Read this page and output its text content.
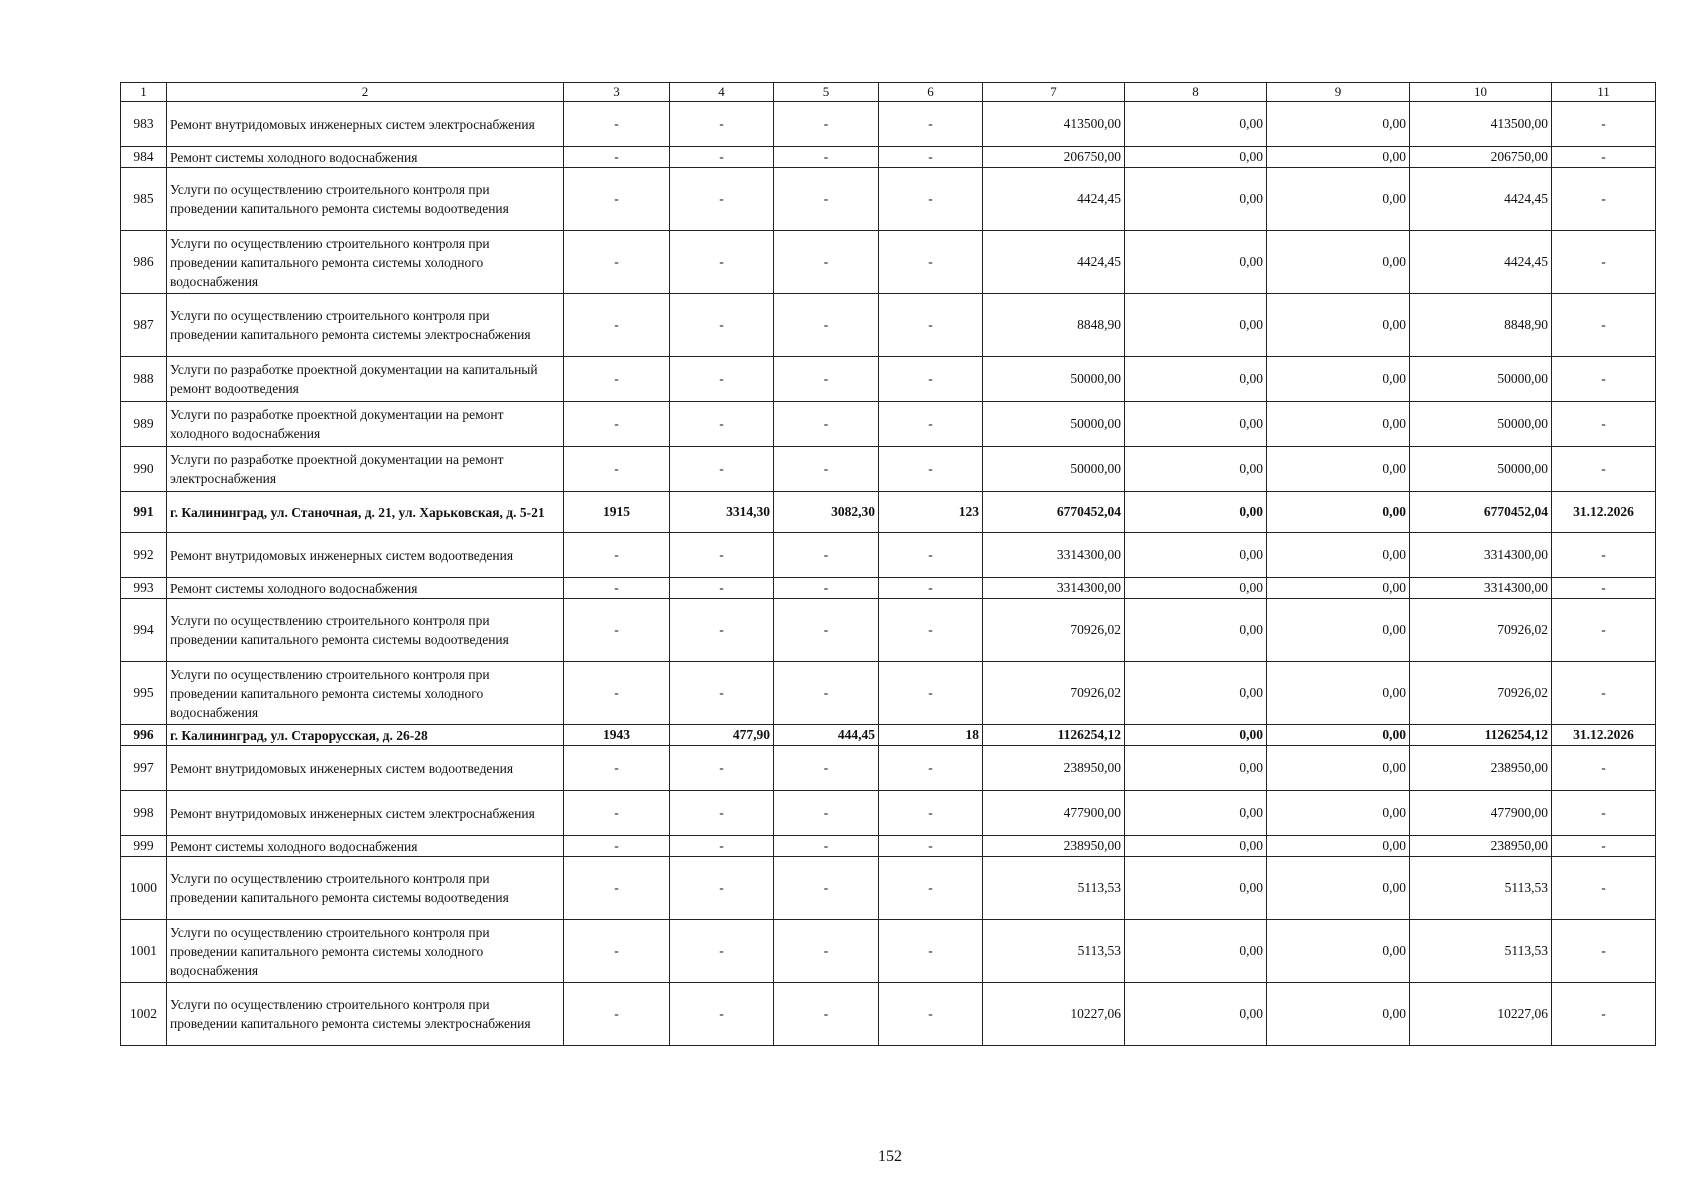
1	2	3	4	5	6	7	8	9	10	11
983	Ремонт внутридомовых инженерных систем электроснабжения	-	-	-	-	413500,00	0,00	0,00	413500,00	-
984	Ремонт системы холодного водоснабжения	-	-	-	-	206750,00	0,00	0,00	206750,00	-
985	Услуги по осуществлению строительного контроля при проведении капитального ремонта системы водоотведения	-	-	-	-	4424,45	0,00	0,00	4424,45	-
986	Услуги по осуществлению строительного контроля при проведении капитального ремонта системы холодного водоснабжения	-	-	-	-	4424,45	0,00	0,00	4424,45	-
987	Услуги по осуществлению строительного контроля при проведении капитального ремонта системы электроснабжения	-	-	-	-	8848,90	0,00	0,00	8848,90	-
988	Услуги по разработке проектной документации на капитальный ремонт водоотведения	-	-	-	-	50000,00	0,00	0,00	50000,00	-
989	Услуги по разработке проектной документации на ремонт холодного водоснабжения	-	-	-	-	50000,00	0,00	0,00	50000,00	-
990	Услуги по разработке проектной документации на ремонт электроснабжения	-	-	-	-	50000,00	0,00	0,00	50000,00	-
991	г. Калининград, ул. Станочная, д. 21, ул. Харьковская, д. 5-21	1915	3314,30	3082,30	123	6770452,04	0,00	0,00	6770452,04	31.12.2026
992	Ремонт внутридомовых инженерных систем водоотведения	-	-	-	-	3314300,00	0,00	0,00	3314300,00	-
993	Ремонт системы холодного водоснабжения	-	-	-	-	3314300,00	0,00	0,00	3314300,00	-
994	Услуги по осуществлению строительного контроля при проведении капитального ремонта системы водоотведения	-	-	-	-	70926,02	0,00	0,00	70926,02	-
995	Услуги по осуществлению строительного контроля при проведении капитального ремонта системы холодного водоснабжения	-	-	-	-	70926,02	0,00	0,00	70926,02	-
996	г. Калининград, ул. Старорусская, д. 26-28	1943	477,90	444,45	18	1126254,12	0,00	0,00	1126254,12	31.12.2026
997	Ремонт внутридомовых инженерных систем водоотведения	-	-	-	-	238950,00	0,00	0,00	238950,00	-
998	Ремонт внутридомовых инженерных систем электроснабжения	-	-	-	-	477900,00	0,00	0,00	477900,00	-
999	Ремонт системы холодного водоснабжения	-	-	-	-	238950,00	0,00	0,00	238950,00	-
1000	Услуги по осуществлению строительного контроля при проведении капитального ремонта системы водоотведения	-	-	-	-	5113,53	0,00	0,00	5113,53	-
1001	Услуги по осуществлению строительного контроля при проведении капитального ремонта системы холодного водоснабжения	-	-	-	-	5113,53	0,00	0,00	5113,53	-
1002	Услуги по осуществлению строительного контроля при проведении капитального ремонта системы электроснабжения	-	-	-	-	10227,06	0,00	0,00	10227,06	-
152
